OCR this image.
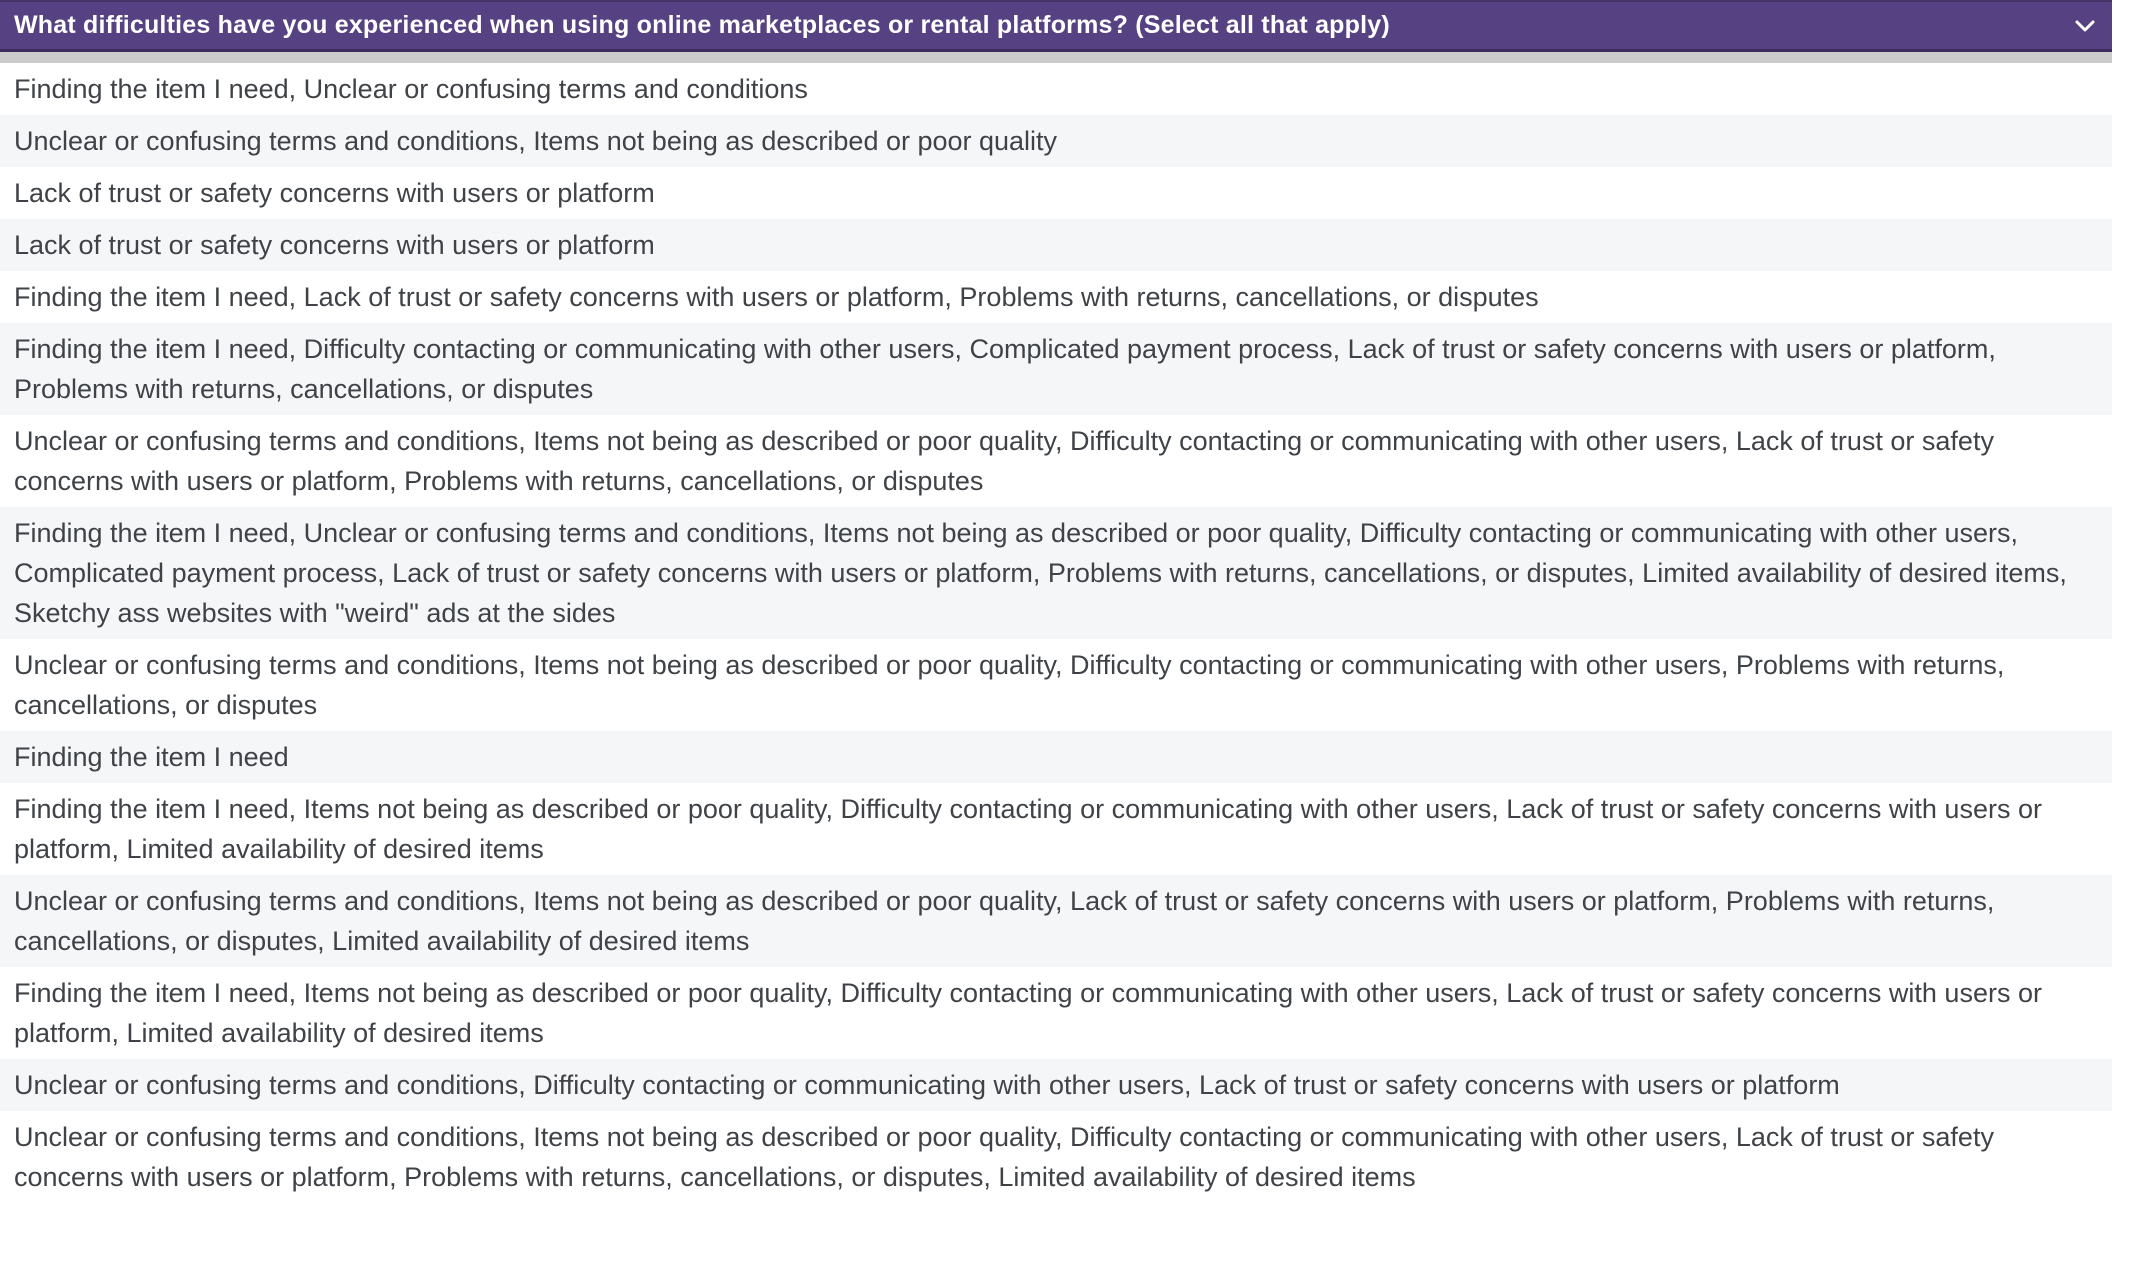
What difficulties have you experienced when using online marketplaces or rental platforms? (Select all that apply)
Finding the item I need, Unclear or confusing terms and conditions
Unclear or confusing terms and conditions, Items not being as described or poor quality
Lack of trust or safety concerns with users or platform
Lack of trust or safety concerns with users or platform
Finding the item I need, Lack of trust or safety concerns with users or platform, Problems with returns, cancellations, or disputes
Finding the item I need, Difficulty contacting or communicating with other users, Complicated payment process, Lack of trust or safety concerns with users or platform, Problems with returns, cancellations, or disputes
Unclear or confusing terms and conditions, Items not being as described or poor quality, Difficulty contacting or communicating with other users, Lack of trust or safety concerns with users or platform, Problems with returns, cancellations, or disputes
Finding the item I need, Unclear or confusing terms and conditions, Items not being as described or poor quality, Difficulty contacting or communicating with other users, Complicated payment process, Lack of trust or safety concerns with users or platform, Problems with returns, cancellations, or disputes, Limited availability of desired items, Sketchy ass websites with "weird" ads at the sides
Unclear or confusing terms and conditions, Items not being as described or poor quality, Difficulty contacting or communicating with other users, Problems with returns, cancellations, or disputes
Finding the item I need
Finding the item I need, Items not being as described or poor quality, Difficulty contacting or communicating with other users, Lack of trust or safety concerns with users or platform, Limited availability of desired items
Unclear or confusing terms and conditions, Items not being as described or poor quality, Lack of trust or safety concerns with users or platform, Problems with returns, cancellations, or disputes, Limited availability of desired items
Finding the item I need, Items not being as described or poor quality, Difficulty contacting or communicating with other users, Lack of trust or safety concerns with users or platform, Limited availability of desired items
Unclear or confusing terms and conditions, Difficulty contacting or communicating with other users, Lack of trust or safety concerns with users or platform
Unclear or confusing terms and conditions, Items not being as described or poor quality, Difficulty contacting or communicating with other users, Lack of trust or safety concerns with users or platform, Problems with returns, cancellations, or disputes, Limited availability of desired items
